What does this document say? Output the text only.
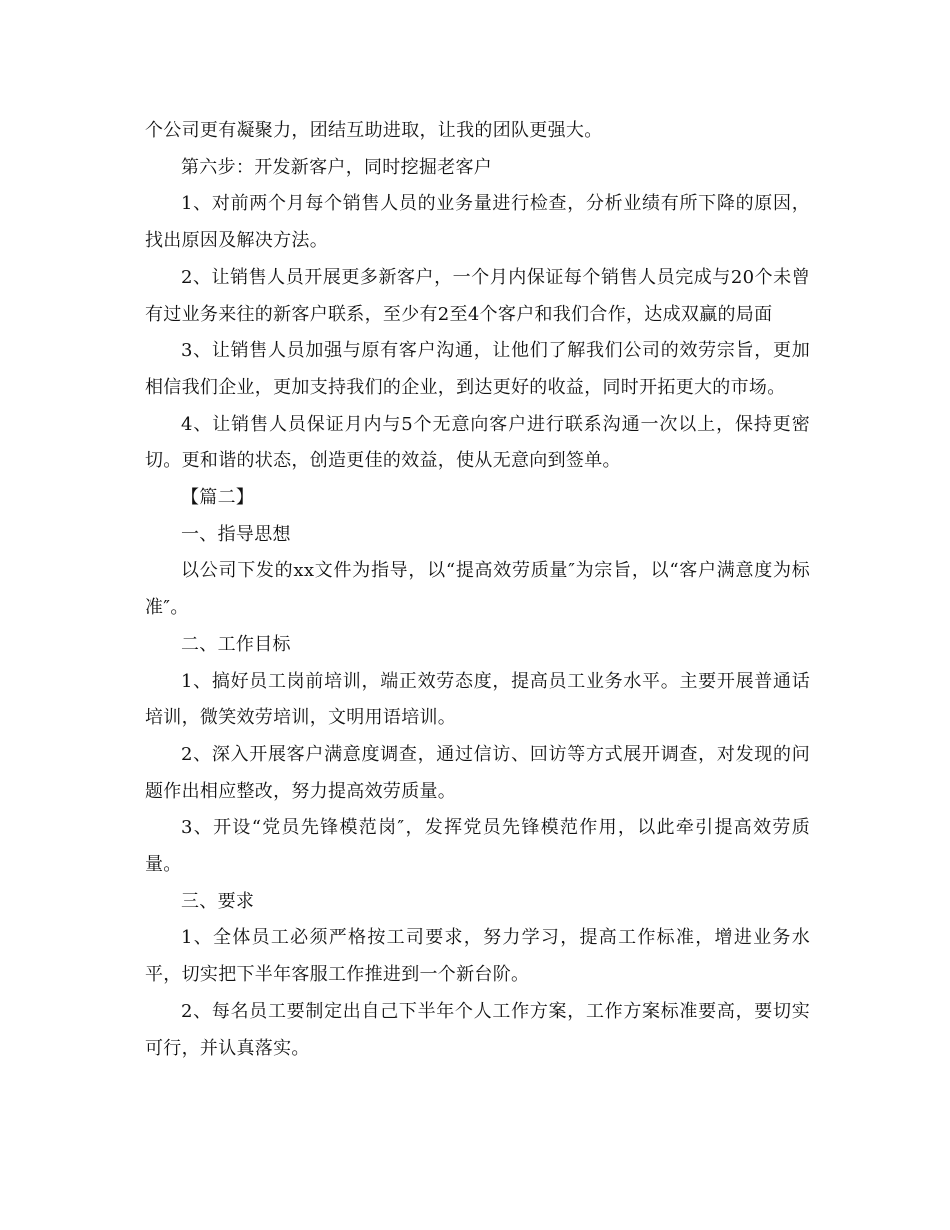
个公司更有凝聚力，团结互助进取，让我的团队更强大。

第六步：开发新客户，同时挖掘老客户

1、对前两个月每个销售人员的业务量进行检查，分析业绩有所下降的原因，找出原因及解决方法。

2、让销售人员开展更多新客户，一个月内保证每个销售人员完成与20个未曾有过业务来往的新客户联系，至少有2至4个客户和我们合作，达成双赢的局面

3、让销售人员加强与原有客户沟通，让他们了解我们公司的效劳宗旨，更加相信我们企业，更加支持我们的企业，到达更好的收益，同时开拓更大的市场。

4、让销售人员保证月内与5个无意向客户进行联系沟通一次以上，保持更密切。更和谐的状态，创造更佳的效益，使从无意向到签单。

【篇二】

一、指导思想

以公司下发的xx文件为指导，以“提高效劳质量″为宗旨，以“客户满意度为标准″。

二、工作目标

1、搞好员工岗前培训，端正效劳态度，提高员工业务水平。主要开展普通话培训，微笑效劳培训，文明用语培训。

2、深入开展客户满意度调查，通过信访、回访等方式展开调查，对发现的问题作出相应整改，努力提高效劳质量。

3、开设“党员先锋模范岗″，发挥党员先锋模范作用，以此牵引提高效劳质量。

三、要求

1、全体员工必须严格按工司要求，努力学习，提高工作标准，增进业务水平，切实把下半年客服工作推进到一个新台阶。

2、每名员工要制定出自己下半年个人工作方案，工作方案标准要高，要切实可行，并认真落实。
